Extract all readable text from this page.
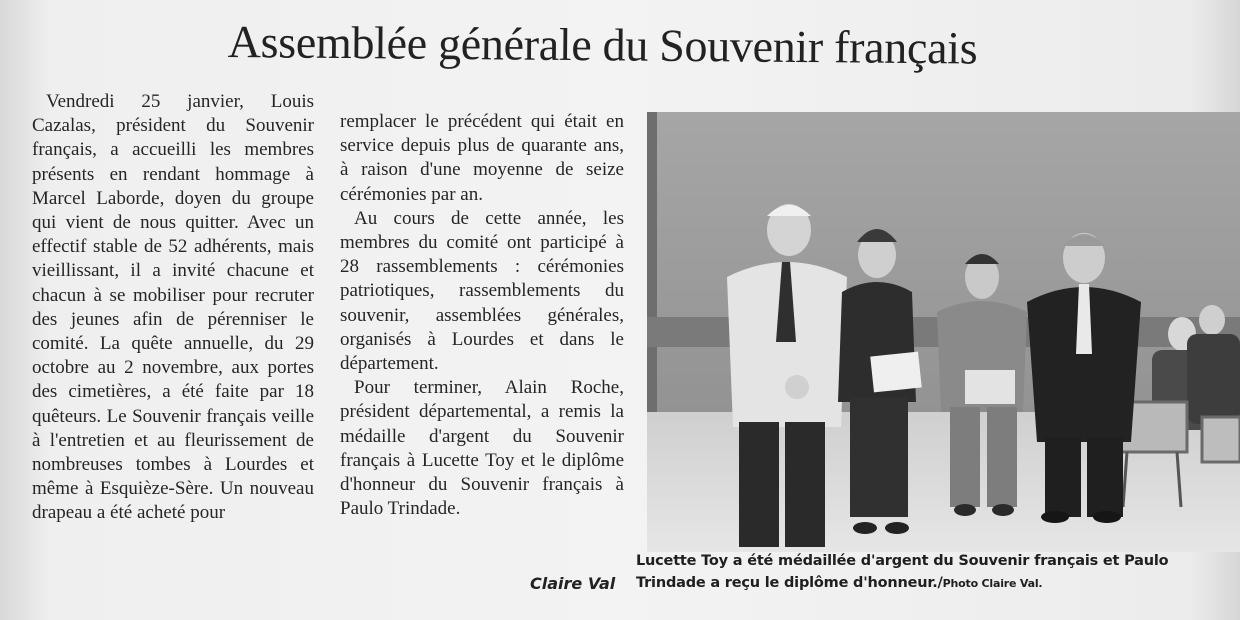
Assemblée générale du Souvenir français

Vendredi 25 janvier, Louis Cazalas, président du Souvenir français, a accueilli les membres présents en rendant hommage à Marcel Laborde, doyen du groupe qui vient de nous quitter. Avec un effectif stable de 52 adhérents, mais vieillissant, il a invité chacune et chacun à se mobiliser pour recruter des jeunes afin de pérenniser le comité. La quête annuelle, du 29 octobre au 2 novembre, aux portes des cimetières, a été faite par 18 quêteurs. Le Souvenir français veille à l'entretien et au fleurissement de nombreuses tombes à Lourdes et même à Esquièze-Sère. Un nouveau drapeau a été acheté pour

remplacer le précédent qui était en service depuis plus de quarante ans, à raison d'une moyenne de seize cérémonies par an.

Au cours de cette année, les membres du comité ont participé à 28 rassemblements : cérémonies patriotiques, rassemblements du souvenir, assemblées générales, organisés à Lourdes et dans le département.

Pour terminer, Alain Roche, président départemental, a remis la médaille d'argent du Souvenir français à Lucette Toy et le diplôme d'honneur du Souvenir français à Paulo Trindade.

Claire Val

Lucette Toy a été médaillée d'argent du Souvenir français et Paulo Trindade a reçu le diplôme d'honneur./Photo Claire Val.
